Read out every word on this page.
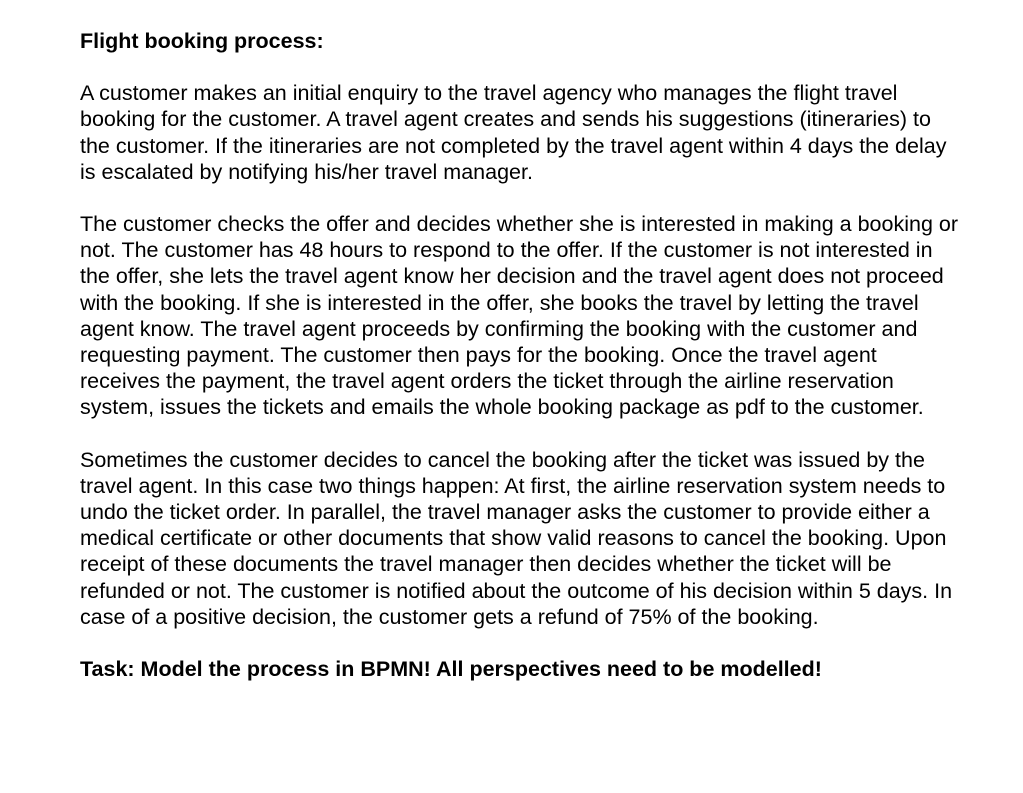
Flight booking process:

A customer makes an initial enquiry to the travel agency who manages the flight travel booking for the customer. A travel agent creates and sends his suggestions (itineraries) to the customer. If the itineraries are not completed by the travel agent within 4 days the delay is escalated by notifying his/her travel manager.

The customer checks the offer and decides whether she is interested in making a booking or not. The customer has 48 hours to respond to the offer. If the customer is not interested in the offer, she lets the travel agent know her decision and the travel agent does not proceed with the booking. If she is interested in the offer, she books the travel by letting the travel agent know. The travel agent proceeds by confirming the booking with the customer and requesting payment. The customer then pays for the booking. Once the travel agent receives the payment, the travel agent orders the ticket through the airline reservation system, issues the tickets and emails the whole booking package as pdf to the customer.

Sometimes the customer decides to cancel the booking after the ticket was issued by the travel agent. In this case two things happen: At first, the airline reservation system needs to undo the ticket order. In parallel, the travel manager asks the customer to provide either a medical certificate or other documents that show valid reasons to cancel the booking. Upon receipt of these documents the travel manager then decides whether the ticket will be refunded or not. The customer is notified about the outcome of his decision within 5 days. In case of a positive decision, the customer gets a refund of 75% of the booking.

Task: Model the process in BPMN! All perspectives need to be modelled!
